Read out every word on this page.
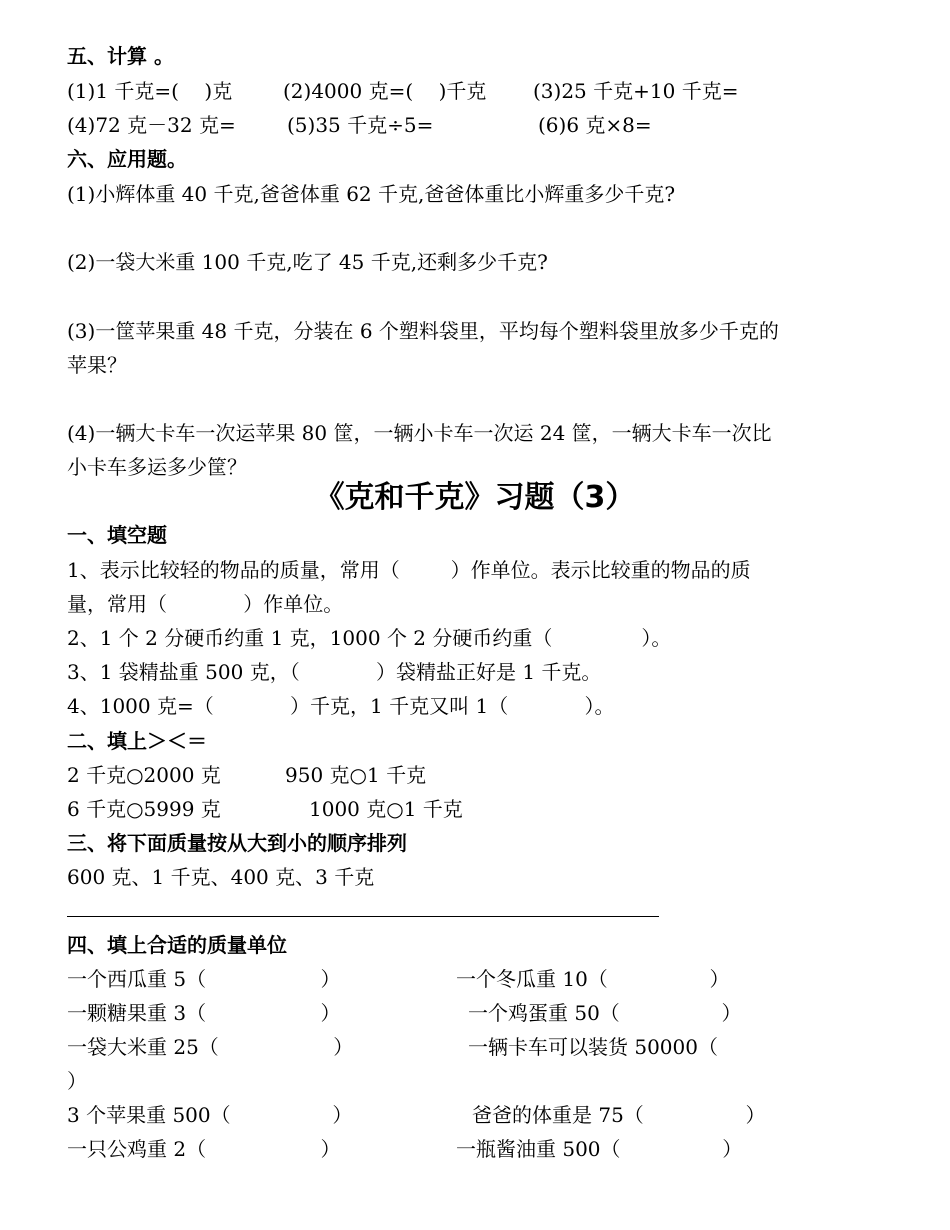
五、计算 。
(1)1 千克=(    )克	(2)4000 克=(    )千克 (3)25 千克+10 千克=
(4)72 克－32 克=	(5)35 千克÷5=	(6)6 克×8=
六、应用题。
(1)小辉体重 40 千克,爸爸体重 62 千克,爸爸体重比小辉重多少千克?
(2)一袋大米重 100 千克,吃了 45 千克,还剩多少千克?
(3)一筐苹果重 48 千克，分装在 6 个塑料袋里，平均每个塑料袋里放多少千克的
苹果？
(4)一辆大卡车一次运苹果 80 筐，一辆小卡车一次运 24 筐，一辆大卡车一次比
小卡车多运多少筐？
《克和千克》习题（3）
一、填空题
1、表示比较轻的物品的质量，常用（        ）作单位。表示比较重的物品的质
量，常用（            ）作单位。
2、1 个 2 分硬币约重 1 克，1000 个 2 分硬币约重（              ）。
3、1 袋精盐重 500 克，（            ）袋精盐正好是 1 千克。
4、1000 克=（            ）千克，1 千克又叫 1（            ）。
二、填上＞＜＝
2 千克○2000 克	950 克○1 千克
6 千克○5999 克	1000 克○1 千克
三、将下面质量按从大到小的顺序排列
600 克、1 千克、400 克、3 千克
四、填上合适的质量单位
一个西瓜重 5（                  ）	一个冬瓜重 10（                ）
一颗糖果重 3（                  ）	一个鸡蛋重 50（                ）
一袋大米重 25（                  ）	一辆卡车可以装货 50000（
）
3 个苹果重 500（                ）	爸爸的体重是 75（                ）
一只公鸡重 2（                  ）	一瓶酱油重 500（                ）
